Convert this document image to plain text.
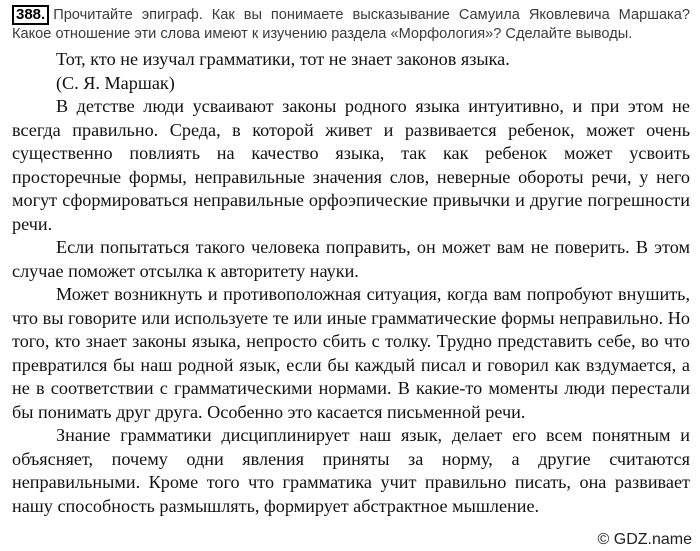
388. Прочитайте эпиграф. Как вы понимаете высказывание Самуила Яковлевича Маршака? Какое отношение эти слова имеют к изучению раздела «Морфология»? Сделайте выводы.
Тот, кто не изучал грамматики, тот не знает законов языка.
(С. Я. Маршак)

В детстве люди усваивают законы родного языка интуитивно, и при этом не всегда правильно. Среда, в которой живет и развивается ребенок, может очень существенно повлиять на качество языка, так как ребенок может усвоить просторечные формы, неправильные значения слов, неверные обороты речи, у него могут сформироваться неправильные орфоэпические привычки и другие погрешности речи.

Если попытаться такого человека поправить, он может вам не поверить. В этом случае поможет отсылка к авторитету науки.

Может возникнуть и противоположная ситуация, когда вам попробуют внушить, что вы говорите или используете те или иные грамматические формы неправильно. Но того, кто знает законы языка, непросто сбить с толку. Трудно представить себе, во что превратился бы наш родной язык, если бы каждый писал и говорил как вздумается, а не в соответствии с грамматическими нормами. В какие-то моменты люди перестали бы понимать друг друга. Особенно это касается письменной речи.

Знание грамматики дисциплинирует наш язык, делает его всем понятным и объясняет, почему одни явления приняты за норму, а другие считаются неправильными. Кроме того что грамматика учит правильно писать, она развивает нашу способность размышлять, формирует абстрактное мышление.

© GDZ.name
